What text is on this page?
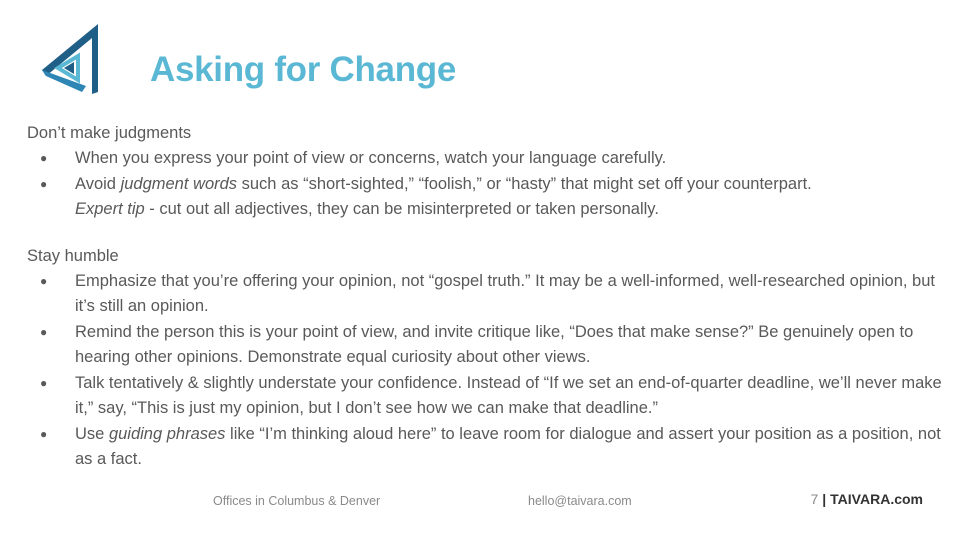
Asking for Change

Don’t make judgments

● When you express your point of view or concerns, watch your language carefully.
● Avoid judgment words such as “short-sighted,” “foolish,” or “hasty” that might set off your counterpart.
Expert tip - cut out all adjectives, they can be misinterpreted or taken personally.

Stay humble

● Emphasize that you’re offering your opinion, not “gospel truth.” It may be a well-informed, well-researched opinion, but it’s still an opinion.
● Remind the person this is your point of view, and invite critique like, “Does that make sense?” Be genuinely open to hearing other opinions. Demonstrate equal curiosity about other views.
● Talk tentatively & slightly understate your confidence. Instead of “If we set an end-of-quarter deadline, we’ll never make it,” say, “This is just my opinion, but I don’t see how we can make that deadline.”
● Use guiding phrases like “I’m thinking aloud here” to leave room for dialogue and assert your position as a position, not as a fact.
Offices in Columbus & Denver	hello@taivara.com	7 | TAIVARA.com
